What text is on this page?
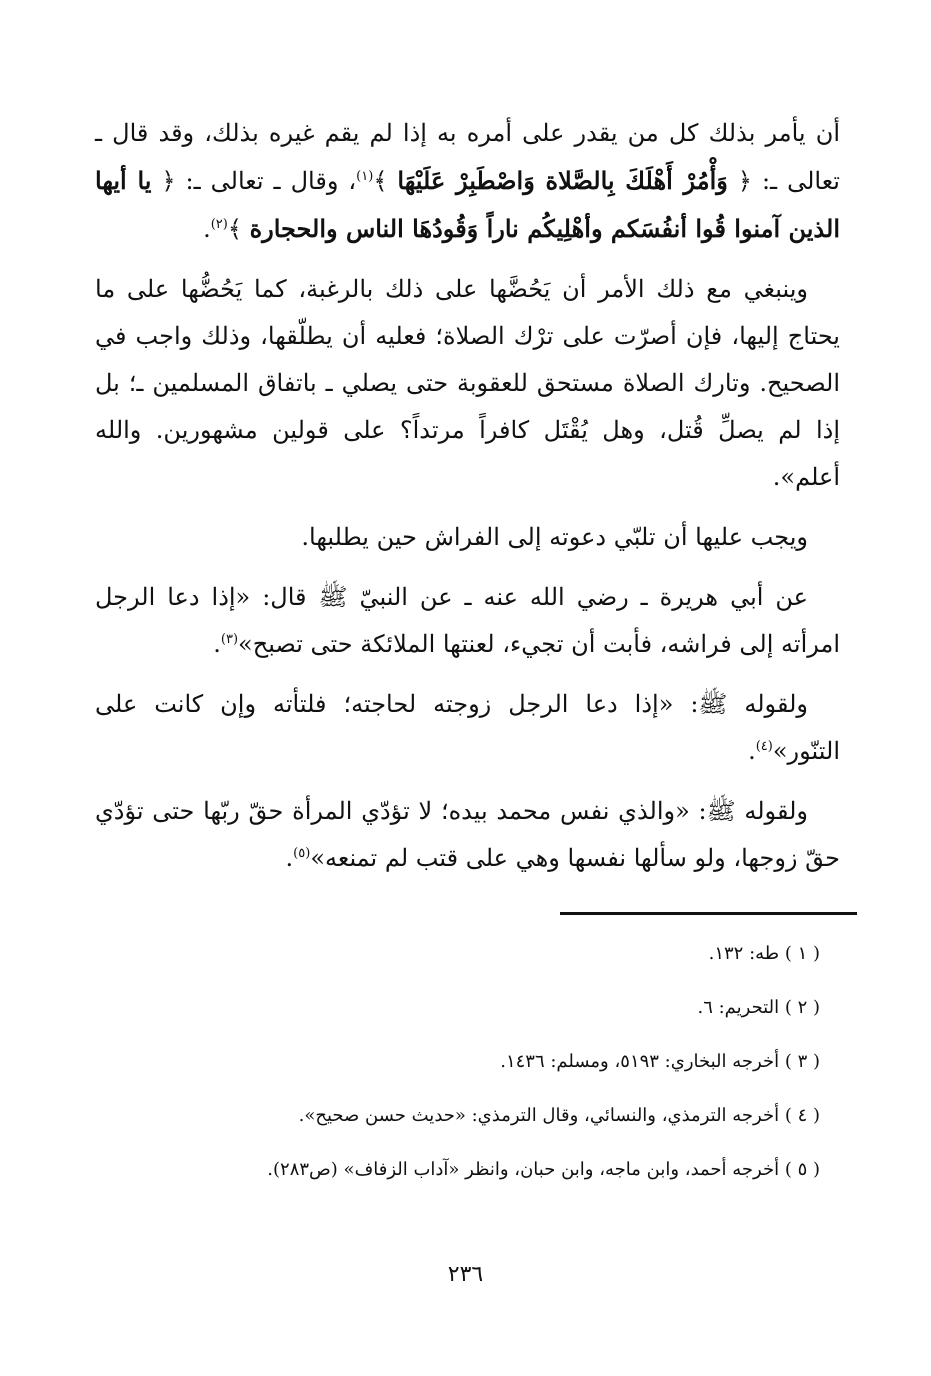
أن يأمر بذلك كل من يقدر على أمره به إذا لم يقم غيره بذلك، وقد قال ـ تعالى ـ: ﴿ وَأْمُرْ أَهْلَكَ بِالصَّلاة وَاصْطَبِرْ عَلَيْهَا ﴾$^{(١)}$، وقال ـ تعالى ـ: ﴿ يا أيها الذين آمنوا قُوا أنفُسَكم وأهْلِيكُم ناراً وَقُودُهَا الناس والحجارة ﴾$^{(٢)}$.

وينبغي مع ذلك الأمر أن يَحُضَّها على ذلك بالرغبة، كما يَحُضُّها على ما يحتاج إليها، فإن أصرّت على ترْك الصلاة؛ فعليه أن يطلّقها، وذلك واجب في الصحيح. وتارك الصلاة مستحق للعقوبة حتى يصلي ـ باتفاق المسلمين ـ؛ بل إذا لم يصلِّ قُتل، وهل يُقْتَل كافراً مرتداً؟ على قولين مشهورين. والله أعلم».

ويجب عليها أن تلبّي دعوته إلى الفراش حين يطلبها.

عن أبي هريرة ـ رضي الله عنه ـ عن النبيّ ﷺ قال: «إذا دعا الرجل امرأته إلى فراشه، فأبت أن تجيء، لعنتها الملائكة حتى تصبح»$^{(٣)}$.

ولقوله ﷺ: «إذا دعا الرجل زوجته لحاجته؛ فلتأته وإن كانت على التنّور»$^{(٤)}$.

ولقوله ﷺ: «والذي نفس محمد بيده؛ لا تؤدّي المرأة حقّ ربّها حتى تؤدّي حقّ زوجها، ولو سألها نفسها وهي على قتب لم تمنعه»$^{(٥)}$.

( ١ ) طه: ١٣٢.
( ٢ ) التحريم: ٦.
( ٣ ) أخرجه البخاري: ٥١٩٣، ومسلم: ١٤٣٦.
( ٤ ) أخرجه الترمذي، والنسائي، وقال الترمذي: «حديث حسن صحيح».
( ٥ ) أخرجه أحمد، وابن ماجه، وابن حبان، وانظر «آداب الزفاف» (ص٢٨٣).
٢٣٦
